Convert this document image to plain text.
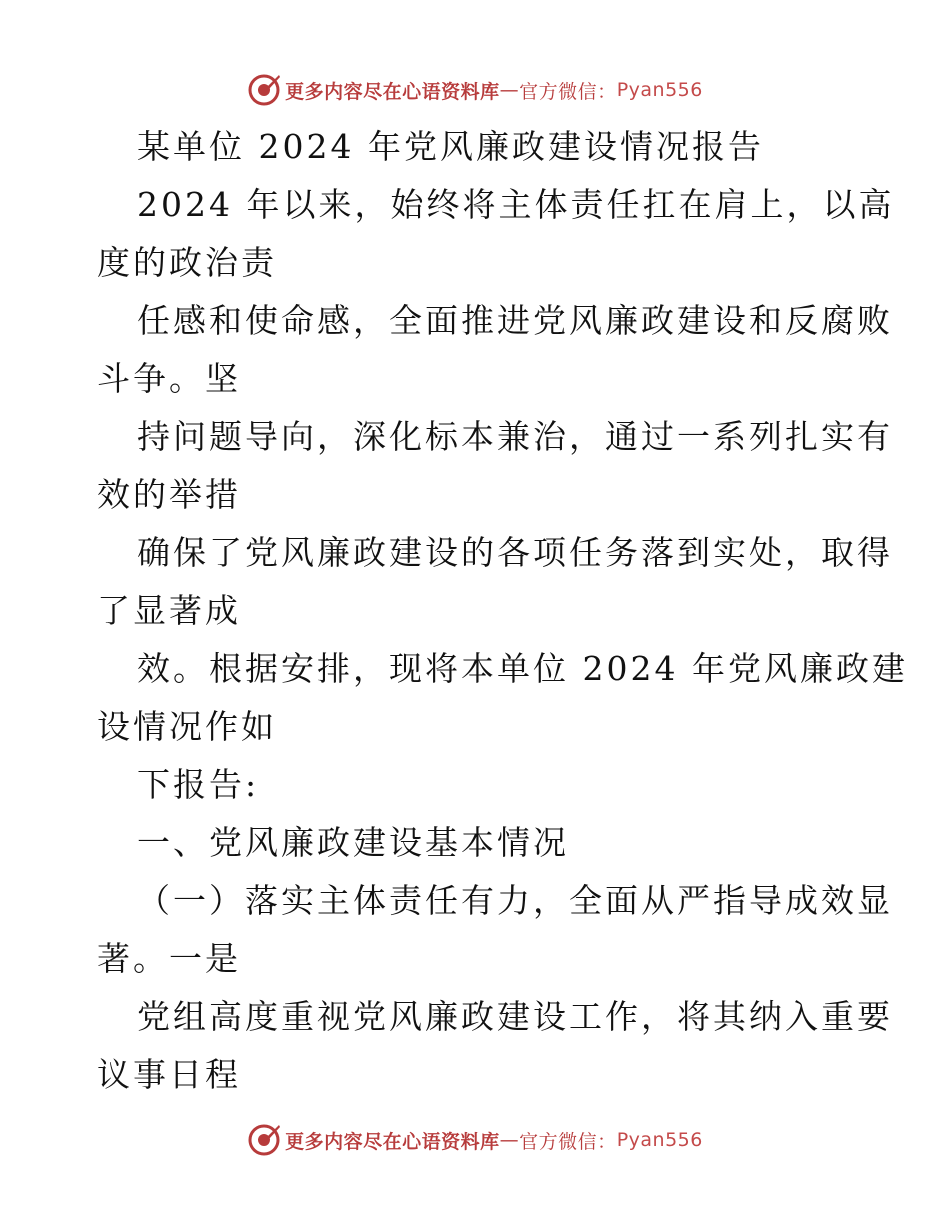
更多内容尽在心语资料库 — 官方微信： Pyan556
某单位 2024 年党风廉政建设情况报告
2024 年以来，始终将主体责任扛在肩上，以高
度的政治责
任感和使命感，全面推进党风廉政建设和反腐败
斗争。坚
持问题导向，深化标本兼治，通过一系列扎实有
效的举措
确保了党风廉政建设的各项任务落到实处，取得
了显著成
效。根据安排，现将本单位 2024 年党风廉政建
设情况作如
下报告:
一、党风廉政建设基本情况
（一）落实主体责任有力，全面从严指导成效显
著。一是
党组高度重视党风廉政建设工作，将其纳入重要
议事日程
更多内容尽在心语资料库 — 官方微信： Pyan556
